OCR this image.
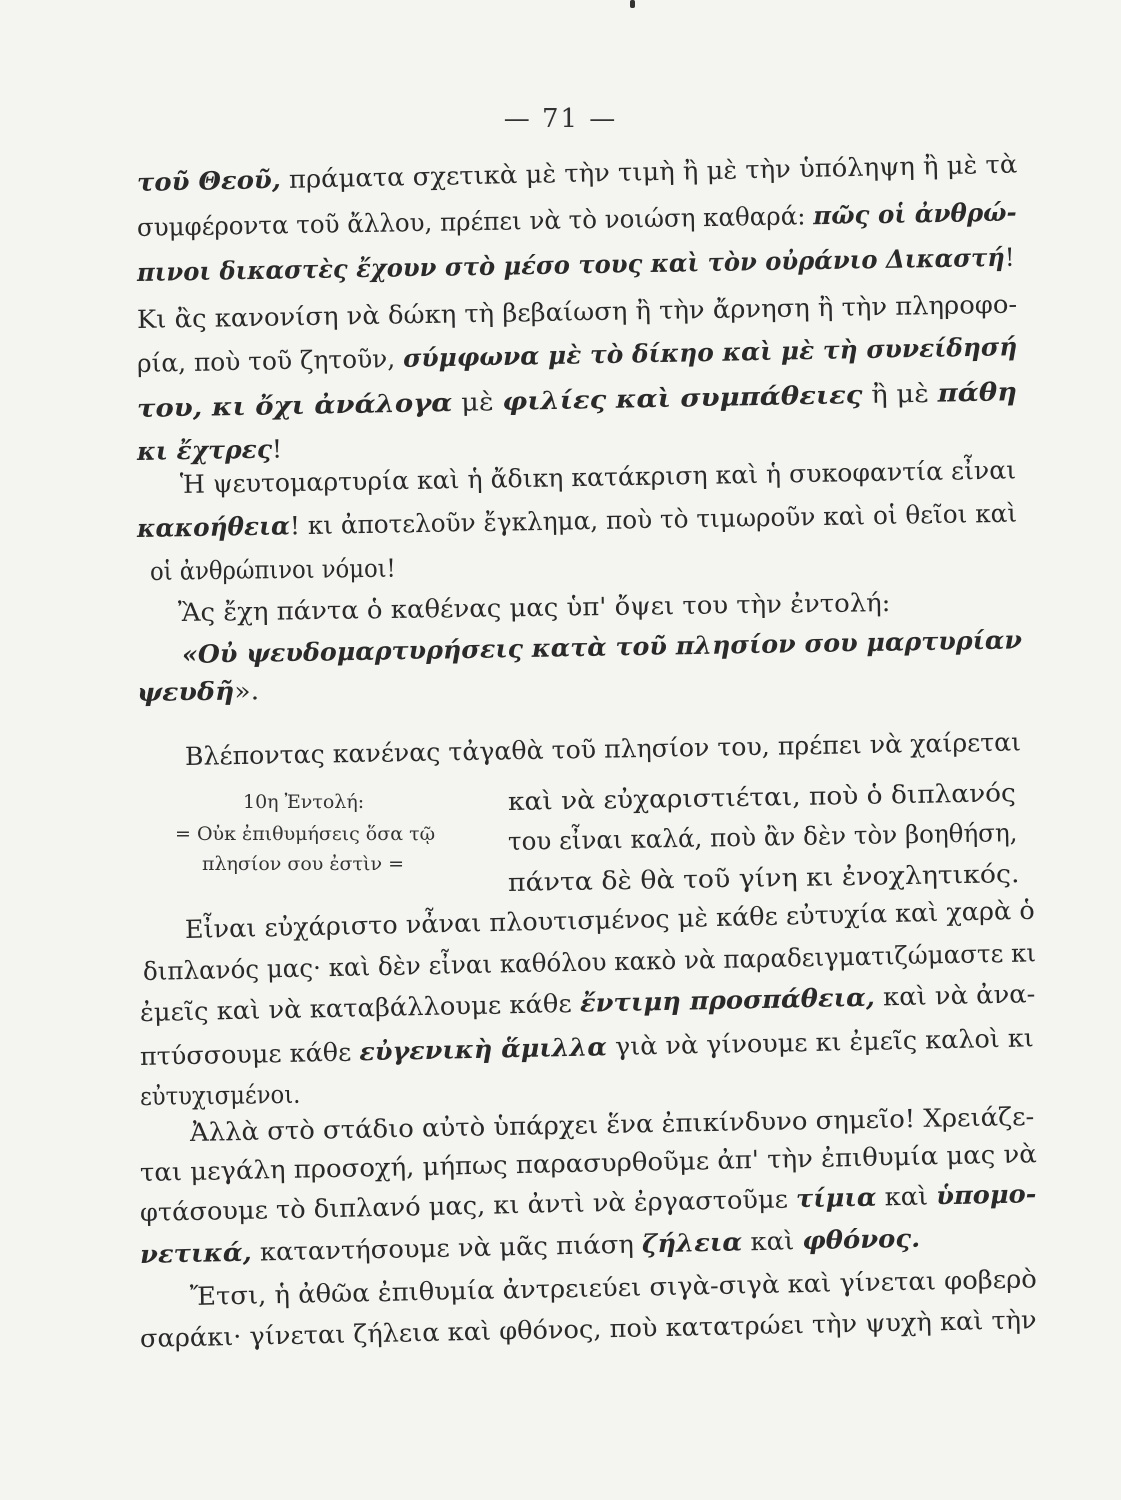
— 71 —
τοῦ Θεοῦ, πράματα σχετικὰ μὲ τὴν τιμὴ ἢ μὲ τὴν ὑπόληψη ἢ μὲ τὰ
συμφέροντα τοῦ ἄλλου, πρέπει νὰ τὸ νοιώση καθαρά: πῶς οἱ ἀνθρώ-
πινοι δικαστὲς ἔχουν στὸ μέσο τους καὶ τὸν οὐράνιο Δικαστή!
Κι ἂς κανονίση νὰ δώκη τὴ βεβαίωση ἢ τὴν ἄρνηση ἢ τὴν πληροφο-
ρία, ποὺ τοῦ ζητοῦν, σύμφωνα μὲ τὸ δίκηο καὶ μὲ τὴ συνείδησή
του, κι ὄχι ἀνάλογα μὲ φιλίες καὶ συμπάθειες ἢ μὲ πάθη
κι ἔχτρες!
Ἡ ψευτομαρτυρία καὶ ἡ ἄδικη κατάκριση καὶ ἡ συκοφαντία εἶναι
κακοήθεια! κι ἀποτελοῦν ἔγκλημα, ποὺ τὸ τιμωροῦν καὶ οἱ θεῖοι καὶ
οἱ ἀνθρώπινοι νόμοι!
Ἂς ἔχη πάντα ὁ καθένας μας ὑπ' ὄψει του τὴν ἐντολή:
«Οὐ ψευδομαρτυρήσεις κατὰ τοῦ πλησίον σου μαρτυρίαν
ψευδῆ».
Βλέποντας κανένας τἀγαθὰ τοῦ πλησίον του, πρέπει νὰ χαίρεται
καὶ νὰ εὐχαριστιέται, ποὺ ὁ διπλανός
του εἶναι καλά, ποὺ ἂν δὲν τὸν βοηθήση,
πάντα δὲ θὰ τοῦ γίνη κι ἐνοχλητικός.
Εἶναι εὐχάριστο νἆναι πλουτισμένος μὲ κάθε εὐτυχία καὶ χαρὰ ὁ
διπλανός μας· καὶ δὲν εἶναι καθόλου κακὸ νὰ παραδειγματιζώμαστε κι
ἐμεῖς καὶ νὰ καταβάλλουμε κάθε ἔντιμη προσπάθεια, καὶ νὰ ἀνα-
πτύσσουμε κάθε εὐγενικὴ ἅμιλλα γιὰ νὰ γίνουμε κι ἐμεῖς καλοὶ κι
εὐτυχισμένοι.
Ἀλλὰ στὸ στάδιο αὐτὸ ὑπάρχει ἕνα ἐπικίνδυνο σημεῖο! Χρειάζε-
ται μεγάλη προσοχή, μήπως παρασυρθοῦμε ἀπ' τὴν ἐπιθυμία μας νὰ
φτάσουμε τὸ διπλανό μας, κι ἀντὶ νὰ ἐργαστοῦμε τίμια καὶ ὑπομο-
νετικά, καταντήσουμε νὰ μᾶς πιάση ζήλεια καὶ φθόνος.
Ἔτσι, ἡ ἀθῶα ἐπιθυμία ἀντρειεύει σιγὰ-σιγὰ καὶ γίνεται φοβερὸ
σαράκι· γίνεται ζήλεια καὶ φθόνος, ποὺ κατατρώει τὴν ψυχὴ καὶ τὴν
10η Ἐντολή:
= Οὐκ ἐπιθυμήσεις ὅσα τῷ
πλησίον σου ἐστὶν =
